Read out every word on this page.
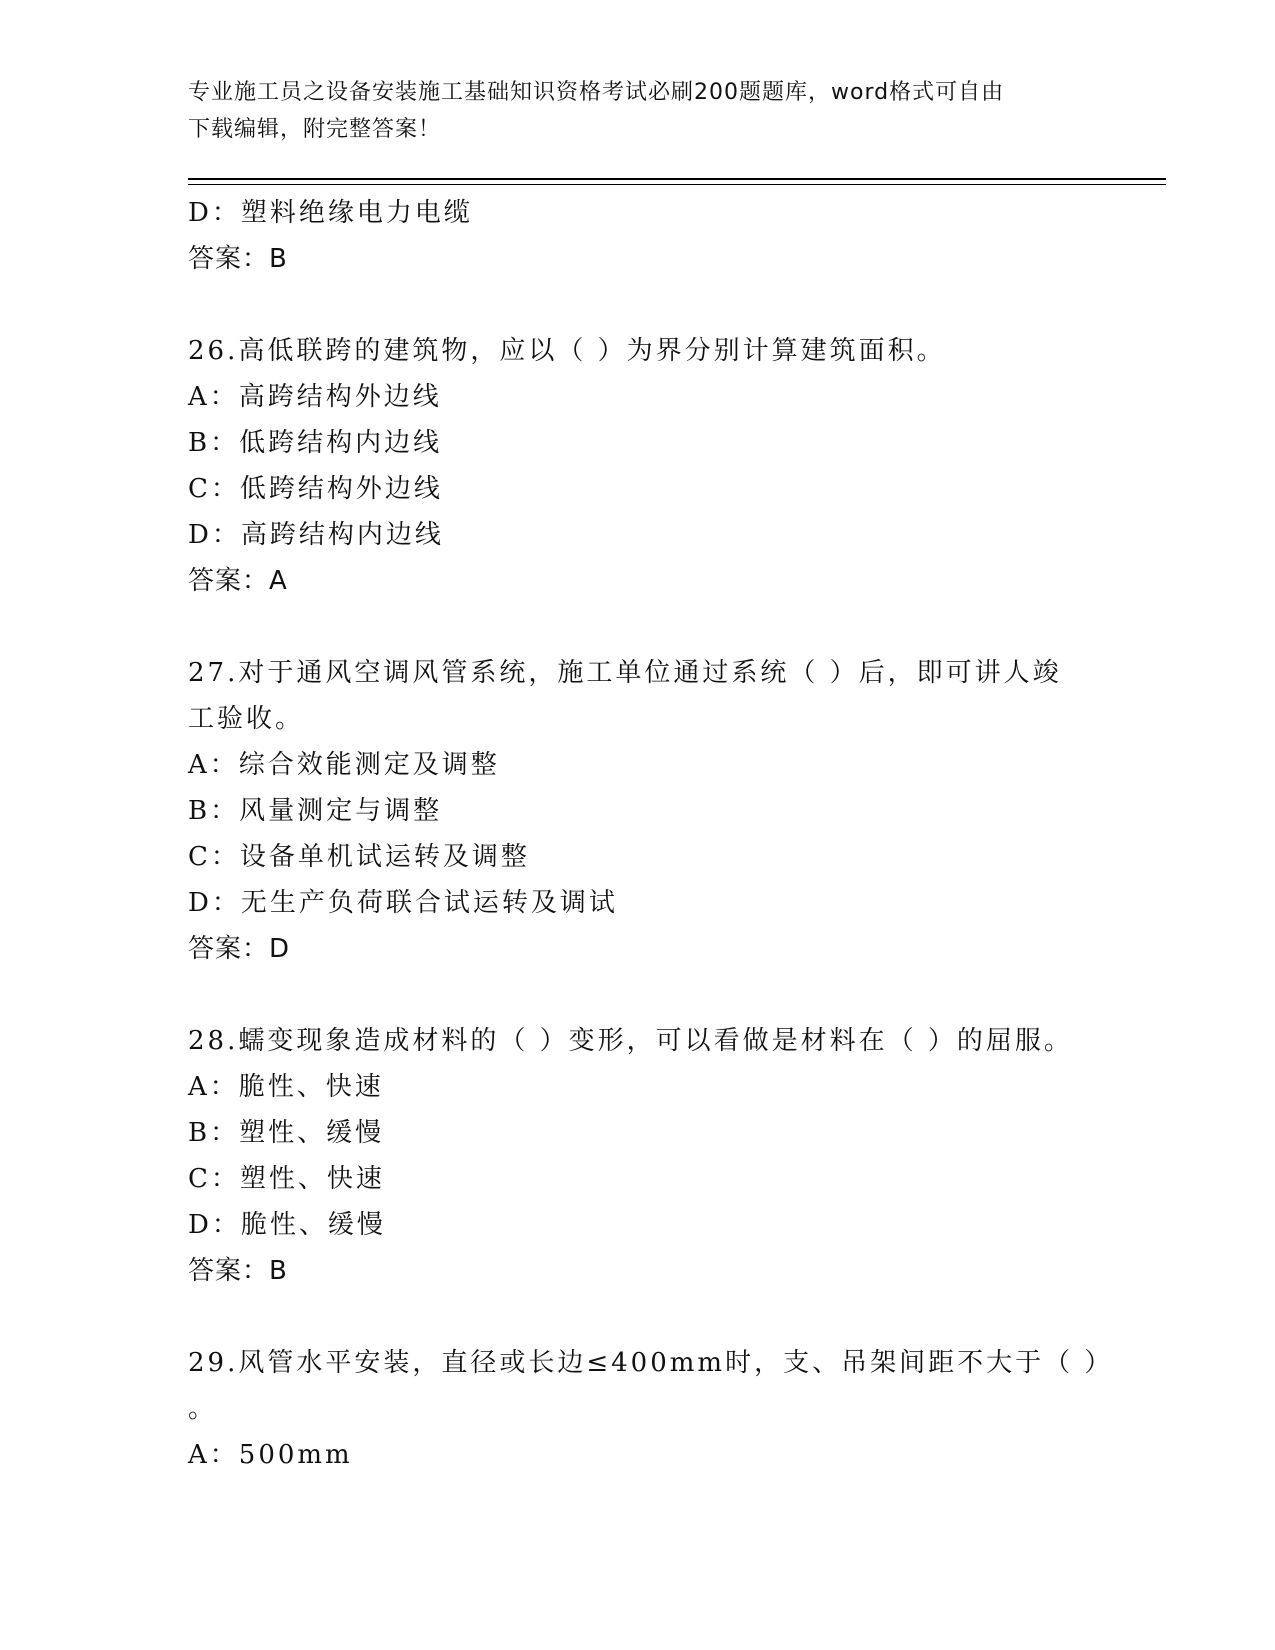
专业施工员之设备安装施工基础知识资格考试必刷200题题库，word格式可自由
下载编辑，附完整答案！
D：塑料绝缘电力电缆
答案：B
26.高低联跨的建筑物，应以（ ）为界分别计算建筑面积。
A：高跨结构外边线
B：低跨结构内边线
C：低跨结构外边线
D：高跨结构内边线
答案：A
27.对于通风空调风管系统，施工单位通过系统（ ）后，即可讲人竣
工验收。
A：综合效能测定及调整
B：风量测定与调整
C：设备单机试运转及调整
D：无生产负荷联合试运转及调试
答案：D
28.蠕变现象造成材料的（ ）变形，可以看做是材料在（ ）的屈服。
A：脆性、快速
B：塑性、缓慢
C：塑性、快速
D：脆性、缓慢
答案：B
29.风管水平安装，直径或长边≤400mm时，支、吊架间距不大于（ ）
。
A：500mm
